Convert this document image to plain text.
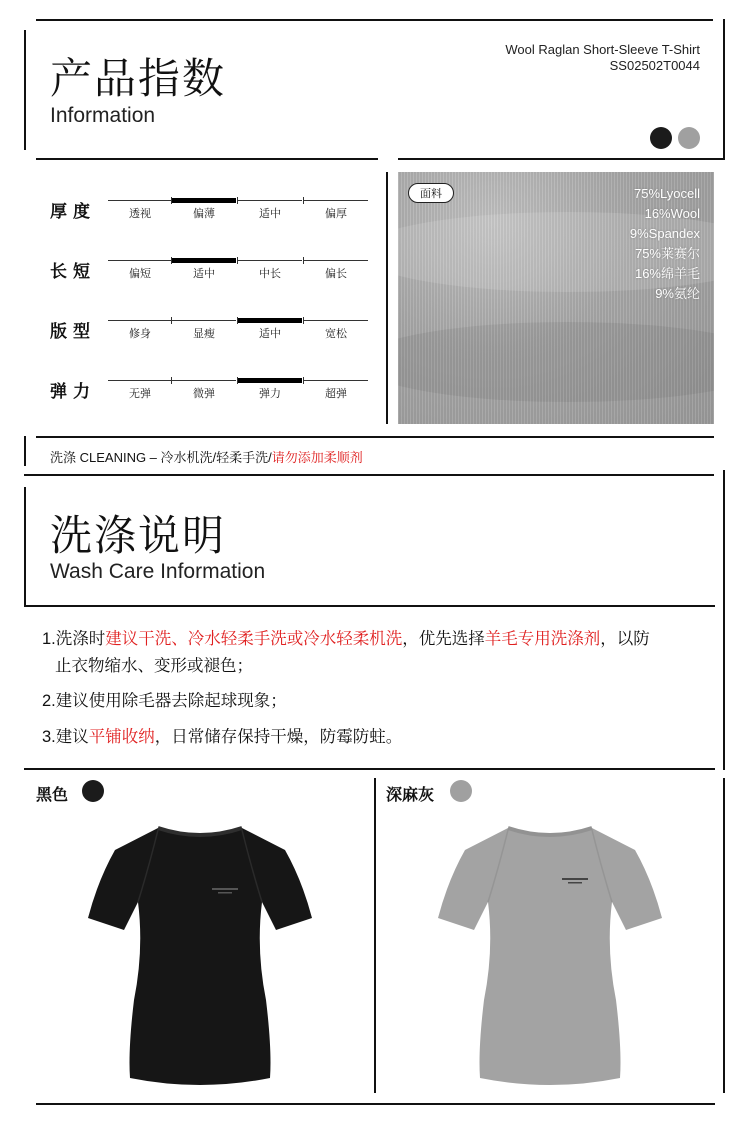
产品指数
Information
Wool Raglan Short-Sleeve T-Shirt
SS02502T0044
厚度	透视	偏薄	适中	偏厚
长短	偏短	适中	中长	偏长
版型	修身	显瘦	适中	宽松
弹力	无弹	微弹	弹力	超弹
面料	75%Lyocell
16%Wool
9%Spandex
75%莱赛尔
16%绵羊毛
9%氨纶
洗涤 CLEANING – 冷水机洗/轻柔手洗/请勿添加柔顺剂
洗涤说明
Wash Care Information
1.洗涤时建议干洗、冷水轻柔手洗或冷水轻柔机洗，优先选择羊毛专用洗涤剂，以防
止衣物缩水、变形或褪色；
2.建议使用除毛器去除起球现象；
3.建议平铺收纳，日常储存保持干燥，防霉防蛀。
黑色	深麻灰
